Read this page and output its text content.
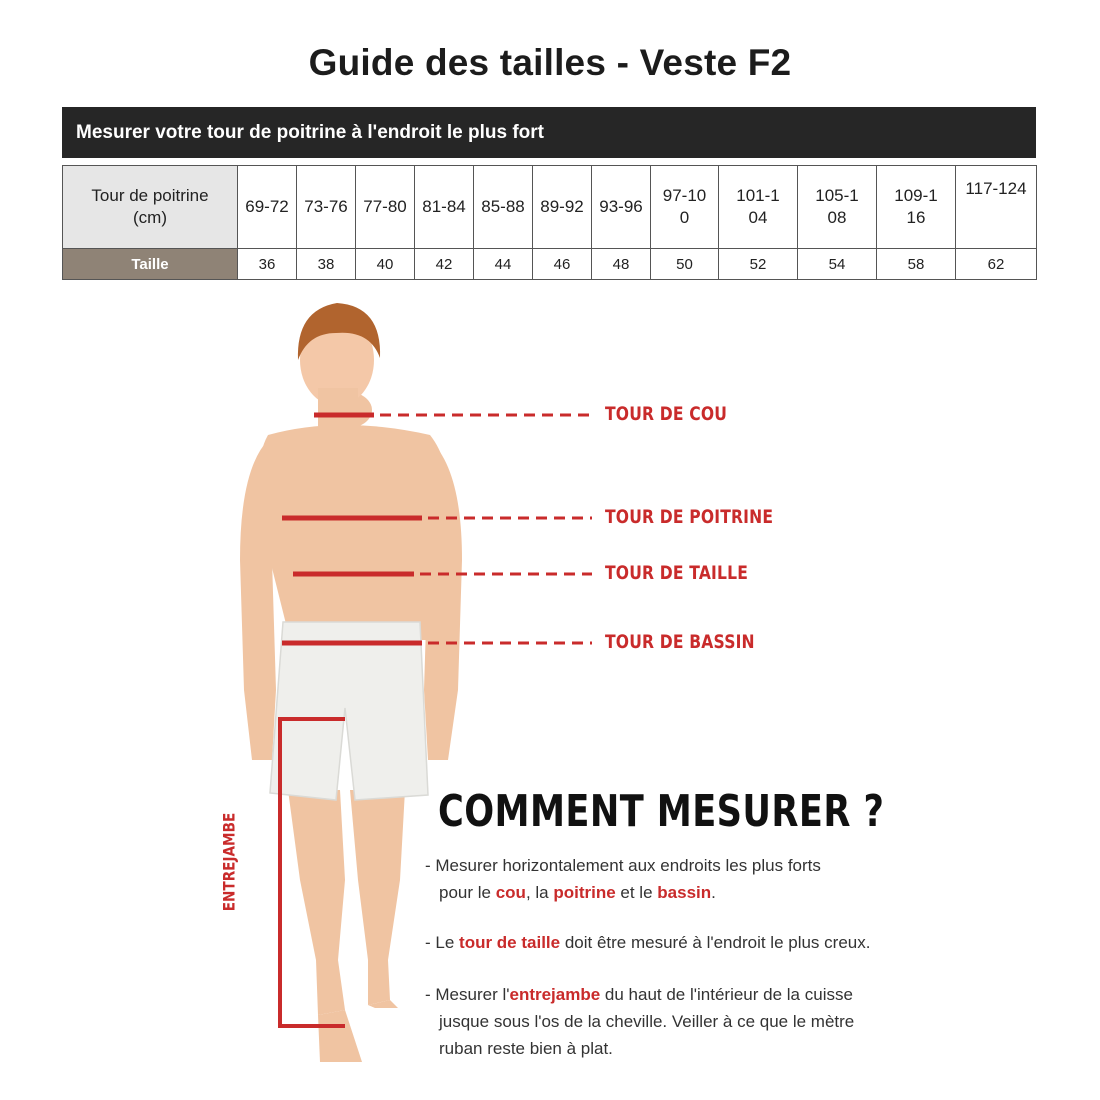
Guide des tailles - Veste F2
Mesurer votre tour de poitrine à l'endroit le plus fort
Tour de poitrine (cm)	69-72	73-76	77-80	81-84	85-88	89-92	93-96	97-100	101-104	105-108	109-116	117-124
Taille	36	38	40	42	44	46	48	50	52	54	58	62
TOUR DE COU
TOUR DE POITRINE
TOUR DE TAILLE
TOUR DE BASSIN
ENTREJAMBE
COMMENT MESURER ?
- Mesurer horizontalement aux endroits les plus forts
pour le cou, la poitrine et le bassin.
- Le tour de taille doit être mesuré à l'endroit le plus creux.
- Mesurer l'entrejambe du haut de l'intérieur de la cuisse
jusque sous l'os de la cheville. Veiller à ce que le mètre
ruban reste bien à plat.
